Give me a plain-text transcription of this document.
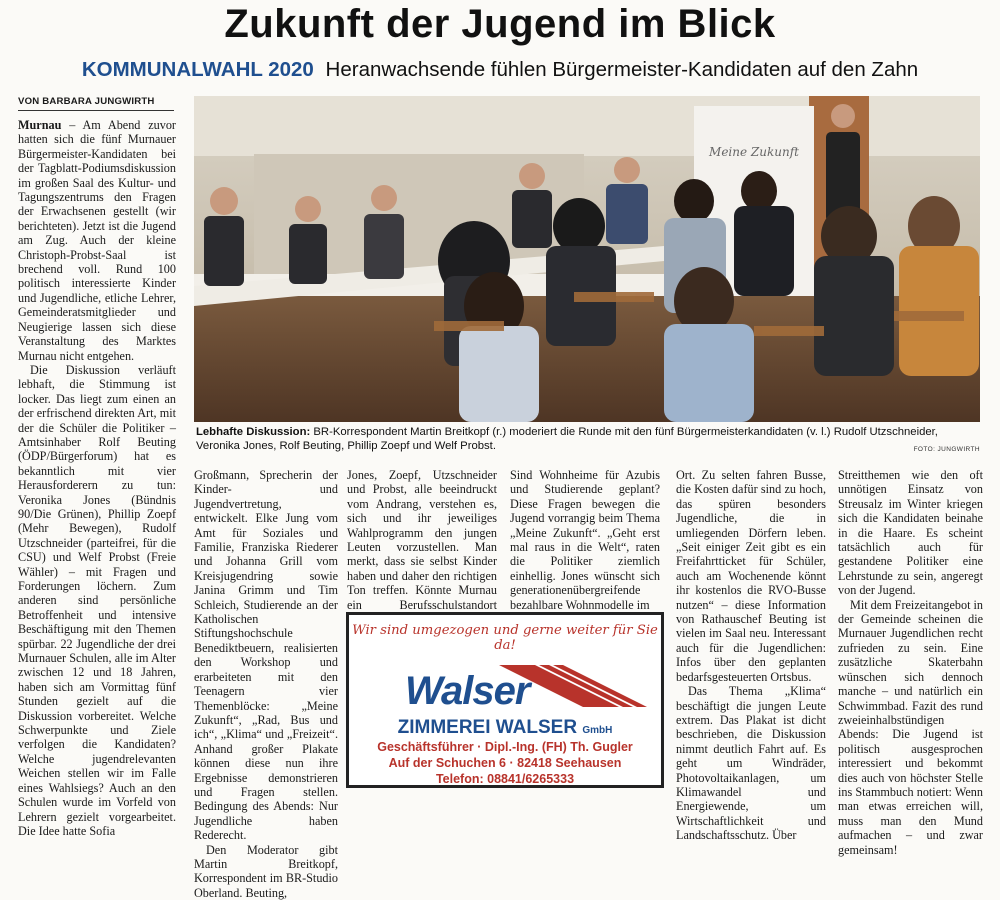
Zukunft der Jugend im Blick
KOMMUNALWAHL 2020 Heranwachsende fühlen Bürgermeister-Kandidaten auf den Zahn
VON BARBARA JUNGWIRTH

Murnau – Am Abend zuvor hatten sich die fünf Murnauer Bürgermeister-Kandidaten bei der Tagblatt-Podiumsdiskussion im großen Saal des Kultur- und Tagungszentrums den Fragen der Erwachsenen gestellt (wir berichteten). Jetzt ist die Jugend am Zug. Auch der kleine Christoph-Probst-Saal ist brechend voll. Rund 100 politisch interessierte Kinder und Jugendliche, etliche Lehrer, Gemeinderatsmitglieder und Neugierige lassen sich diese Veranstaltung des Marktes Murnau nicht entgehen.

Die Diskussion verläuft lebhaft, die Stimmung ist locker. Das liegt zum einen an der erfrischend direkten Art, mit der die Schüler die Politiker – Amtsinhaber Rolf Beuting (ÖDP/Bürgerforum) hat es bekanntlich mit vier Herausforderern zu tun: Veronika Jones (Bündnis 90/Die Grünen), Phillip Zoepf (Mehr Bewegen), Rudolf Utzschneider (parteifrei, für die CSU) und Welf Probst (Freie Wähler) – mit Fragen und Forderungen löchern. Zum anderen sind persönliche Betroffenheit und intensive Beschäftigung mit den Themen spürbar. 22 Jugendliche der drei Murnauer Schulen, alle im Alter zwischen 12 und 18 Jahren, haben sich am Vormittag fünf Stunden gezielt auf die Diskussion vorbereitet. Welche Schwerpunkte und Ziele verfolgen die Kandidaten? Welche jugendrelevanten Weichen stellen wir im Falle eines Wahlsiegs? Auch an den Schulen wurde im Vorfeld von Lehrern gezielt vorgearbeitet. Die Idee hatte Sofia

Meine Zukunft
Lebhafte Diskussion: BR-Korrespondent Martin Breitkopf (r.) moderiert die Runde mit den fünf Bürgermeisterkandidaten (v. l.) Rudolf Utzschneider, Veronika Jones, Rolf Beuting, Phillip Zoepf und Welf Probst.	FOTO: JUNGWIRTH

Großmann, Sprecherin der Kinder- und Jugendvertretung, entwickelt. Elke Jung vom Amt für Soziales und Familie, Franziska Riederer und Johanna Grill vom Kreisjugendring sowie Janina Grimm und Tim Schleich, Studierende an der Katholischen Stiftungshochschule Benediktbeuern, realisierten den Workshop und erarbeiteten mit den Teenagern vier Themenblöcke: „Meine Zukunft“, „Rad, Bus und ich“, „Klima“ und „Freizeit“. Anhand großer Plakate können diese nun ihre Ergebnisse demonstrieren und Fragen stellen. Bedingung des Abends: Nur Jugendliche haben Rederecht.

Den Moderator gibt Martin Breitkopf, Korrespondent im BR-Studio Oberland. Beuting,

Jones, Zoepf, Utzschneider und Probst, alle beeindruckt vom Andrang, verstehen es, sich und ihr jeweiliges Wahlprogramm den jungen Leuten vorzustellen. Man merkt, dass sie selbst Kinder haben und daher den richtigen Ton treffen. Könnte Murnau ein Berufsschulstandort

Sind Wohnheime für Azubis und Studierende geplant? Diese Fragen bewegen die Jugend vorrangig beim Thema „Meine Zukunft“. „Geht erst mal raus in die Welt“, raten die Politiker ziemlich einhellig. Jones wünscht sich generationenübergreifende bezahlbare Wohnmodelle im

Ort. Zu selten fahren Busse, die Kosten dafür sind zu hoch, das spüren besonders Jugendliche, die in umliegenden Dörfern leben. „Seit einiger Zeit gibt es ein Freifahrtticket für Schüler, auch am Wochenende könnt ihr kostenlos die RVO-Busse nutzen“ – diese Information von Rathauschef Beuting ist vielen im Saal neu. Interessant auch für die Jugendlichen: Infos über den geplanten bedarfsgesteuerten Ortsbus.

Das Thema „Klima“ beschäftigt die jungen Leute extrem. Das Plakat ist dicht beschrieben, die Diskussion nimmt deutlich Fahrt auf. Es geht um Windräder, Photovoltaikanlagen, um Klimawandel und Energiewende, um Wirtschaftlichkeit und Landschaftsschutz. Über

Streitthemen wie den oft unnötigen Einsatz von Streusalz im Winter kriegen sich die Kandidaten beinahe in die Haare. Es scheint tatsächlich auch für gestandene Politiker eine Lehrstunde zu sein, angeregt von der Jugend.

Mit dem Freizeitangebot in der Gemeinde scheinen die Murnauer Jugendlichen recht zufrieden zu sein. Eine zusätzliche Skaterbahn wünschen sich dennoch manche – und natürlich ein Schwimmbad. Fazit des rund zweieinhalbstündigen Abends: Die Jugend ist politisch ausgesprochen interessiert und bekommt dies auch von höchster Stelle ins Stammbuch notiert: Wenn man etwas erreichen will, muss man den Mund aufmachen – und zwar gemeinsam!

Wir sind umgezogen und gerne weiter für Sie da!
Walser
ZIMMEREI WALSER GmbH
Geschäftsführer · Dipl.-Ing. (FH) Th. Gugler
Auf der Schuchen 6 · 82418 Seehausen
Telefon: 08841/6265333
